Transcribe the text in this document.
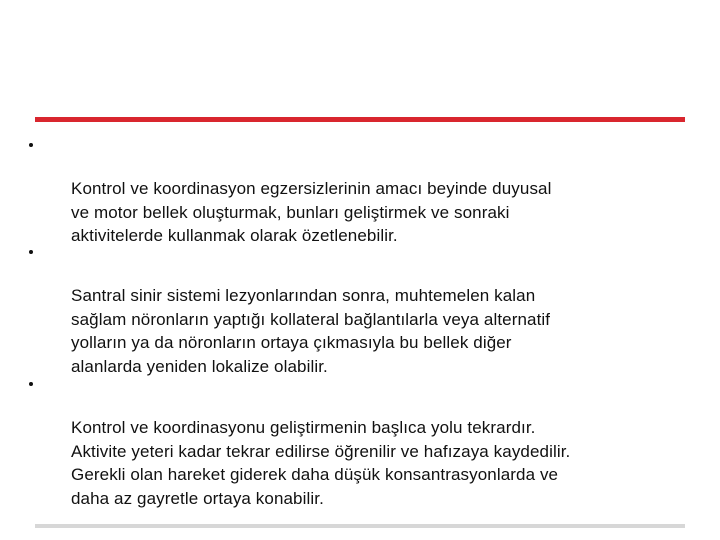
Kontrol ve koordinasyon egzersizlerinin amacı beyinde duyusal
ve motor bellek oluşturmak, bunları geliştirmek ve sonraki
aktivitelerde kullanmak olarak özetlenebilir.

Santral sinir sistemi lezyonlarından sonra, muhtemelen kalan
sağlam nöronların yaptığı kollateral bağlantılarla veya alternatif
yolların ya da nöronların ortaya çıkmasıyla bu bellek diğer
alanlarda yeniden lokalize olabilir.

Kontrol ve koordinasyonu geliştirmenin başlıca yolu tekrardır.
Aktivite yeteri kadar tekrar edilirse öğrenilir ve hafızaya kaydedilir.
Gerekli olan hareket giderek daha düşük konsantrasyonlarda ve
daha az gayretle ortaya konabilir.
